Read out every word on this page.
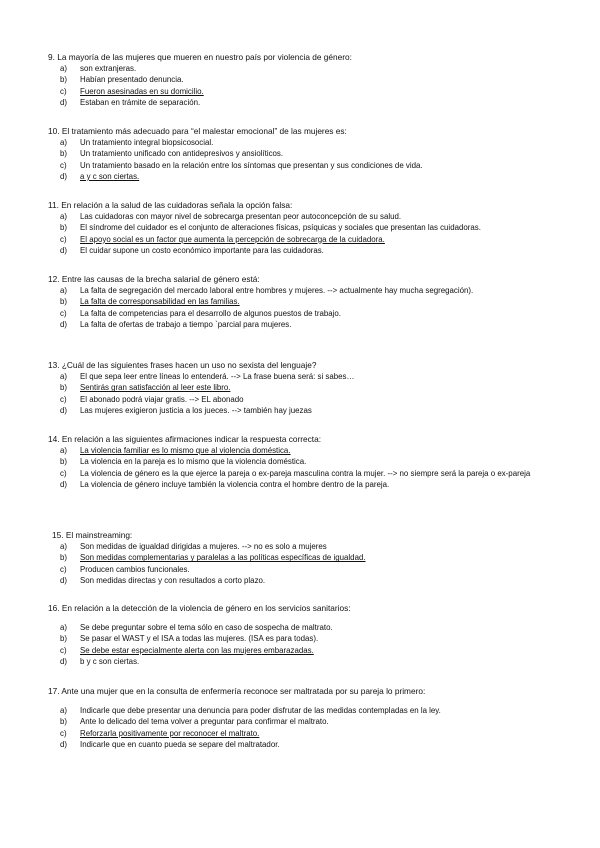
9. La mayoría de las mujeres que mueren en nuestro país por violencia de género:

a) son extranjeras.
b) Habían presentado denuncia.
c) Fueron asesinadas en su domicilio.
d) Estaban en trámite de separación.

10. El tratamiento más adecuado para “el malestar emocional” de las mujeres es:

a) Un tratamiento integral biopsicosocial.
b) Un tratamiento unificado con antidepresivos y ansiolíticos.
c) Un tratamiento basado en la relación entre los síntomas que presentan y sus condiciones de vida.
d) a y c son ciertas.

11. En relación a la salud de las cuidadoras señala la opción falsa:

a) Las cuidadoras con mayor nivel de sobrecarga presentan peor autoconcepción de su salud.
b) El síndrome del cuidador es el conjunto de alteraciones físicas, psíquicas y sociales que presentan las cuidadoras.
c) El apoyo social es un factor que aumenta la percepción de sobrecarga de la cuidadora.
d) El cuidar supone un costo económico importante para las cuidadoras.

12. Entre las causas de la brecha salarial de género está:

a) La falta de segregación del mercado laboral entre hombres y mujeres. --> actualmente hay mucha segregación).
b) La falta de corresponsabilidad en las familias.
c) La falta de competencias para el desarrollo de algunos puestos de trabajo.
d) La falta de ofertas de trabajo a tiempo `parcial para mujeres.

13. ¿Cuál de las siguientes frases hacen un uso no sexista del lenguaje?

a) El que sepa leer entre líneas lo entenderá. --> La frase buena será: si sabes…
b) Sentirás gran satisfacción al leer este libro.
c) El abonado podrá viajar gratis. --> EL abonado
d) Las mujeres exigieron justicia a los jueces. --> también hay juezas

14. En relación a las siguientes afirmaciones indicar la respuesta correcta:

a) La violencia familiar es lo mismo que al violencia doméstica.
b) La violencia en la pareja es lo mismo que la violencia doméstica.
c) La violencia de género es la que ejerce la pareja o ex-pareja masculina contra la mujer. --> no siempre será la pareja o ex-pareja
d) La violencia de género incluye también la violencia contra el hombre dentro de la pareja.

15. El mainstreaming:

a) Son medidas de igualdad dirigidas a mujeres. --> no es solo a mujeres
b) Son medidas complementarias y paralelas a las políticas específicas de igualdad.
c) Producen cambios funcionales.
d) Son medidas directas y con resultados a corto plazo.

16. En relación a la detección de la violencia de género en los servicios sanitarios:

a) Se debe preguntar sobre el tema sólo en caso de sospecha de maltrato.
b) Se pasar el WAST y el ISA a todas las mujeres. (ISA es para todas).
c) Se debe estar especialmente alerta con las mujeres embarazadas.
d) b y c son ciertas.

17. Ante una mujer que en la consulta de enfermería reconoce ser maltratada por su pareja lo primero:

a) Indicarle que debe presentar una denuncia para poder disfrutar de las medidas contempladas en la ley.
b) Ante lo delicado del tema volver a preguntar para confirmar el maltrato.
c) Reforzarla positivamente por reconocer el maltrato.
d) Indicarle que en cuanto pueda se separe del maltratador.
